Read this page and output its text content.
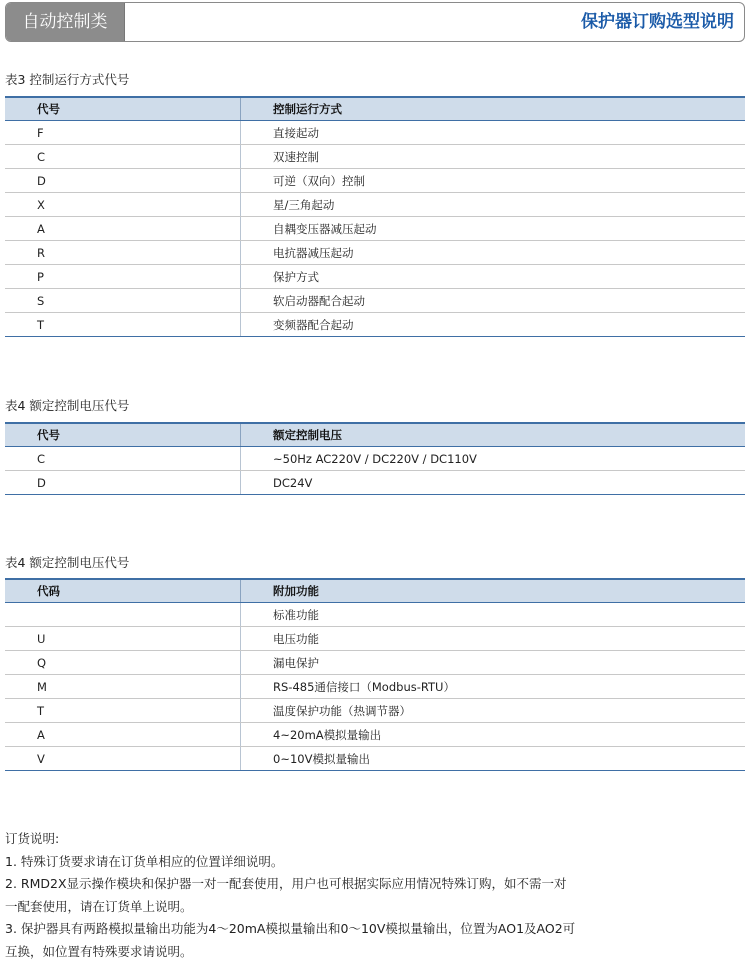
自动控制类	保护器订购选型说明
表3 控制运行方式代号
代号	控制运行方式
F	直接起动
C	双速控制
D	可逆（双向）控制
X	星/三角起动
A	自耦变压器减压起动
R	电抗器减压起动
P	保护方式
S	软启动器配合起动
T	变频器配合起动
表4 额定控制电压代号
代号	额定控制电压
C	~50Hz AC220V / DC220V / DC110V
D	DC24V
表4 额定控制电压代号
代码	附加功能
	标准功能
U	电压功能
Q	漏电保护
M	RS-485通信接口（Modbus-RTU）
T	温度保护功能（热调节器）
A	4~20mA模拟量输出
V	0~10V模拟量输出
订货说明:
1. 特殊订货要求请在订货单相应的位置详细说明。
2. RMD2X显示操作模块和保护器一对一配套使用，用户也可根据实际应用情况特殊订购，如不需一对
一配套使用，请在订货单上说明。
3. 保护器具有两路模拟量输出功能为4～20mA模拟量输出和0～10V模拟量输出，位置为AO1及AO2可
互换，如位置有特殊要求请说明。
